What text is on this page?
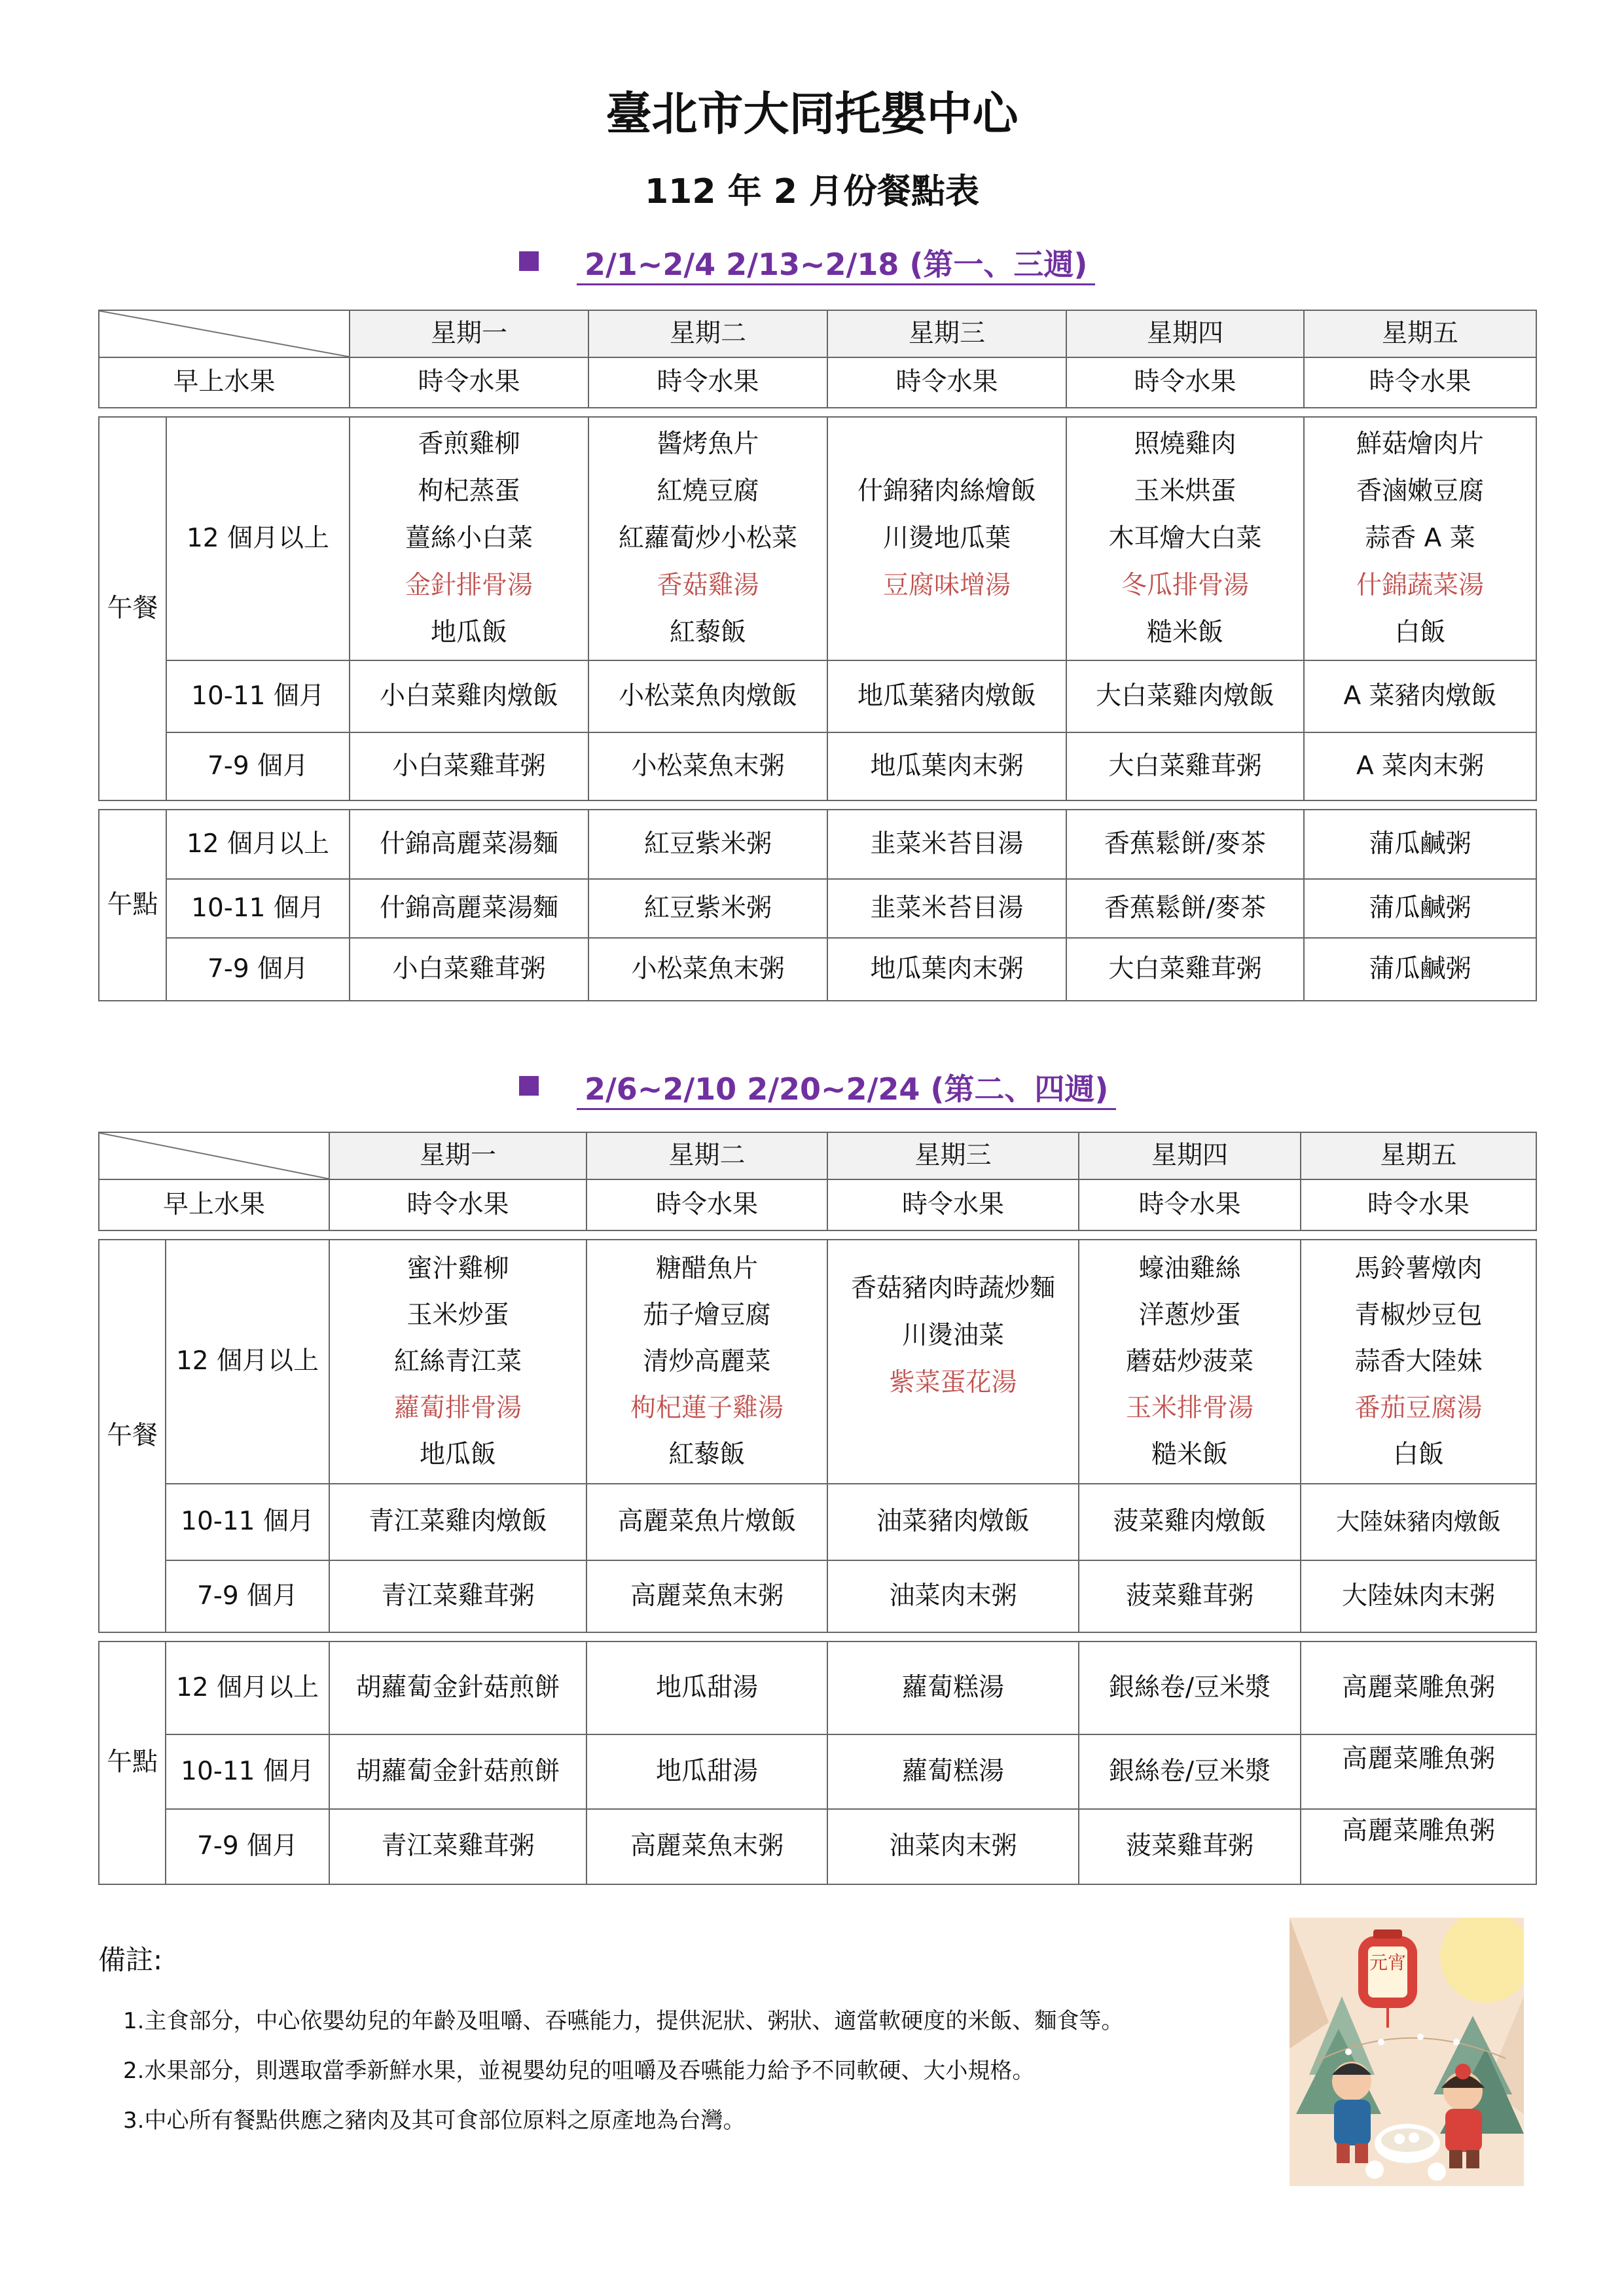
臺北市大同托嬰中心
112 年 2 月份餐點表
2/1~2/4 2/13~2/18 (第一、三週)
		星期一	星期二	星期三	星期四	星期五
早上水果		時令水果	時令水果	時令水果	時令水果	時令水果

午餐	12 個月以上	香煎雞柳
枸杞蒸蛋
薑絲小白菜
金針排骨湯
地瓜飯	醬烤魚片
紅燒豆腐
紅蘿蔔炒小松菜
香菇雞湯
紅藜飯	什錦豬肉絲燴飯
川燙地瓜葉
豆腐味增湯	照燒雞肉
玉米烘蛋
木耳燴大白菜
冬瓜排骨湯
糙米飯	鮮菇燴肉片
香滷嫩豆腐
蒜香 A 菜
什錦蔬菜湯
白飯

	10-11 個月	小白菜雞肉燉飯	小松菜魚肉燉飯	地瓜葉豬肉燉飯	大白菜雞肉燉飯	A 菜豬肉燉飯
	7-9 個月	小白菜雞茸粥	小松菜魚末粥	地瓜葉肉末粥	大白菜雞茸粥	A 菜肉末粥

午點	12 個月以上	什錦高麗菜湯麵	紅豆紫米粥	韭菜米苔目湯	香蕉鬆餅/麥茶	蒲瓜鹹粥
	10-11 個月	什錦高麗菜湯麵	紅豆紫米粥	韭菜米苔目湯	香蕉鬆餅/麥茶	蒲瓜鹹粥
	7-9 個月	小白菜雞茸粥	小松菜魚末粥	地瓜葉肉末粥	大白菜雞茸粥	蒲瓜鹹粥
2/6~2/10 2/20~2/24 (第二、四週)
		星期一	星期二	星期三	星期四	星期五
早上水果		時令水果	時令水果	時令水果	時令水果	時令水果

午餐	12 個月以上	蜜汁雞柳
玉米炒蛋
紅絲青江菜
蘿蔔排骨湯
地瓜飯	糖醋魚片
茄子燴豆腐
清炒高麗菜
枸杞蓮子雞湯
紅藜飯	香菇豬肉時蔬炒麵
川燙油菜
紫菜蛋花湯	蠔油雞絲
洋蔥炒蛋
蘑菇炒菠菜
玉米排骨湯
糙米飯	馬鈴薯燉肉
青椒炒豆包
蒜香大陸妹
番茄豆腐湯
白飯

	10-11 個月	青江菜雞肉燉飯	高麗菜魚片燉飯	油菜豬肉燉飯	菠菜雞肉燉飯	大陸妹豬肉燉飯
	7-9 個月	青江菜雞茸粥	高麗菜魚末粥	油菜肉末粥	菠菜雞茸粥	大陸妹肉末粥

午點	12 個月以上	胡蘿蔔金針菇煎餅	地瓜甜湯	蘿蔔糕湯	銀絲卷/豆米漿	高麗菜雕魚粥
	10-11 個月	胡蘿蔔金針菇煎餅	地瓜甜湯	蘿蔔糕湯	銀絲卷/豆米漿	高麗菜雕魚粥
	7-9 個月	青江菜雞茸粥	高麗菜魚末粥	油菜肉末粥	菠菜雞茸粥	高麗菜雕魚粥
備註:
1.主食部分，中心依嬰幼兒的年齡及咀嚼、吞嚥能力，提供泥狀、粥狀、適當軟硬度的米飯、麵食等。
2.水果部分，則選取當季新鮮水果，並視嬰幼兒的咀嚼及吞嚥能力給予不同軟硬、大小規格。
3.中心所有餐點供應之豬肉及其可食部位原料之原產地為台灣。
元宵
